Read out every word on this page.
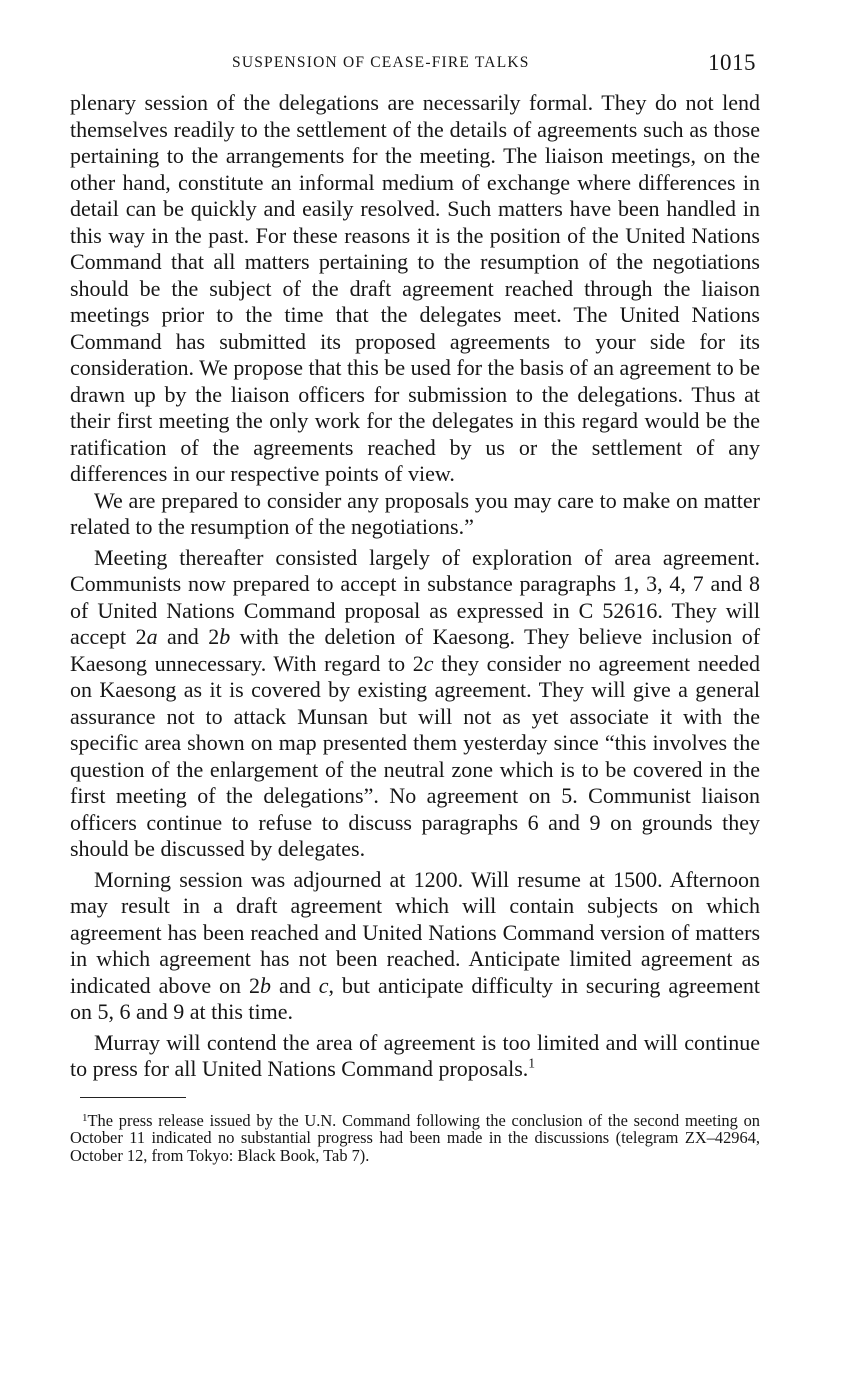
SUSPENSION OF CEASE-FIRE TALKS	1015

plenary session of the delegations are necessarily formal. They do not lend themselves readily to the settlement of the details of agreements such as those pertaining to the arrangements for the meeting. The liaison meetings, on the other hand, constitute an informal medium of exchange where differences in detail can be quickly and easily resolved. Such matters have been handled in this way in the past. For these reasons it is the position of the United Nations Command that all matters pertaining to the resumption of the negotiations should be the subject of the draft agreement reached through the liaison meetings prior to the time that the delegates meet. The United Nations Command has submitted its proposed agreements to your side for its consideration. We propose that this be used for the basis of an agreement to be drawn up by the liaison officers for submission to the delegations. Thus at their first meeting the only work for the delegates in this regard would be the ratification of the agreements reached by us or the settlement of any differences in our respective points of view.

We are prepared to consider any proposals you may care to make on matter related to the resumption of the negotiations.”

Meeting thereafter consisted largely of exploration of area agreement. Communists now prepared to accept in substance paragraphs 1, 3, 4, 7 and 8 of United Nations Command proposal as expressed in C 52616. They will accept 2a and 2b with the deletion of Kaesong. They believe inclusion of Kaesong unnecessary. With regard to 2c they consider no agreement needed on Kaesong as it is covered by existing agreement. They will give a general assurance not to attack Munsan but will not as yet associate it with the specific area shown on map presented them yesterday since “this involves the question of the enlargement of the neutral zone which is to be covered in the first meeting of the delegations”. No agreement on 5. Communist liaison officers continue to refuse to discuss paragraphs 6 and 9 on grounds they should be discussed by delegates.

Morning session was adjourned at 1200. Will resume at 1500. Afternoon may result in a draft agreement which will contain subjects on which agreement has been reached and United Nations Command version of matters in which agreement has not been reached. Anticipate limited agreement as indicated above on 2b and c, but anticipate difficulty in securing agreement on 5, 6 and 9 at this time.

Murray will contend the area of agreement is too limited and will continue to press for all United Nations Command proposals.$^1$

$^1$The press release issued by the U.N. Command following the conclusion of the second meeting on October 11 indicated no substantial progress had been made in the discussions (telegram ZX–42964, October 12, from Tokyo: Black Book, Tab 7).
